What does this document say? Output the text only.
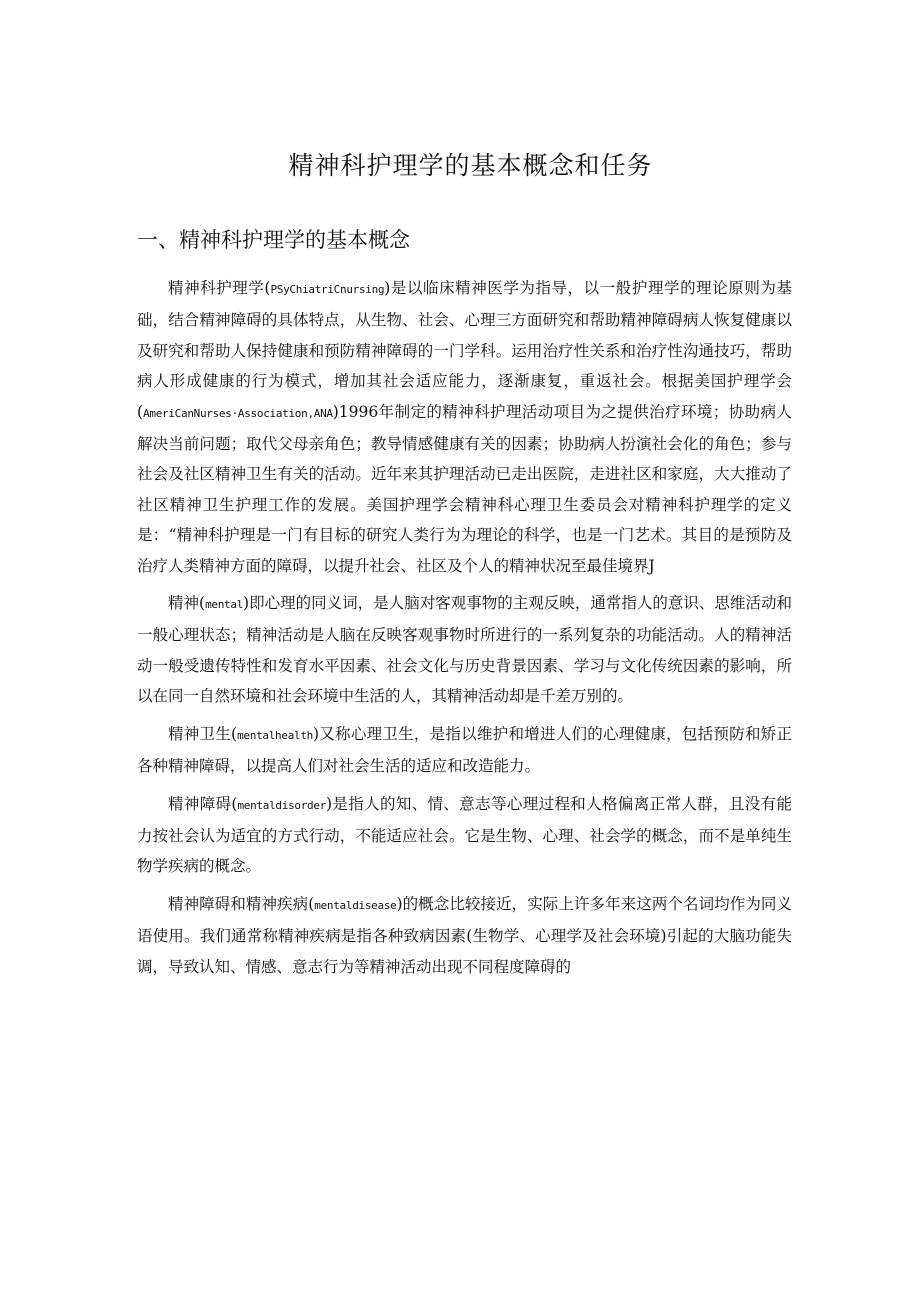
精神科护理学的基本概念和任务
一、精神科护理学的基本概念

精神科护理学(PSyChiatriCnursing)是以临床精神医学为指导，以一般护理学的理论原则为基础，结合精神障碍的具体特点，从生物、社会、心理三方面研究和帮助精神障碍病人恢复健康以及研究和帮助人保持健康和预防精神障碍的一门学科。运用治疗性关系和治疗性沟通技巧，帮助病人形成健康的行为模式，增加其社会适应能力，逐渐康复，重返社会。根据美国护理学会(AmeriCanNurses·Association,ANA)1996年制定的精神科护理活动项目为之提供治疗环境；协助病人解决当前问题；取代父母亲角色；教导情感健康有关的因素；协助病人扮演社会化的角色；参与社会及社区精神卫生有关的活动。近年来其护理活动已走出医院，走进社区和家庭，大大推动了社区精神卫生护理工作的发展。美国护理学会精神科心理卫生委员会对精神科护理学的定义是：“精神科护理是一门有目标的研究人类行为为理论的科学，也是一门艺术。其目的是预防及治疗人类精神方面的障碍，以提升社会、社区及个人的精神状况至最佳境界J

精神(mental)即心理的同义词，是人脑对客观事物的主观反映，通常指人的意识、思维活动和一般心理状态；精神活动是人脑在反映客观事物时所进行的一系列复杂的功能活动。人的精神活动一般受遗传特性和发育水平因素、社会文化与历史背景因素、学习与文化传统因素的影响，所以在同一自然环境和社会环境中生活的人，其精神活动却是千差万别的。

精神卫生(mentalhealth)又称心理卫生，是指以维护和增进人们的心理健康，包括预防和矫正各种精神障碍，以提高人们对社会生活的适应和改造能力。

精神障碍(mentaldisorder)是指人的知、情、意志等心理过程和人格偏离正常人群，且没有能力按社会认为适宜的方式行动，不能适应社会。它是生物、心理、社会学的概念，而不是单纯生物学疾病的概念。

精神障碍和精神疾病(mentaldisease)的概念比较接近，实际上许多年来这两个名词均作为同义语使用。我们通常称精神疾病是指各种致病因素(生物学、心理学及社会环境)引起的大脑功能失调，导致认知、情感、意志行为等精神活动出现不同程度障碍的
